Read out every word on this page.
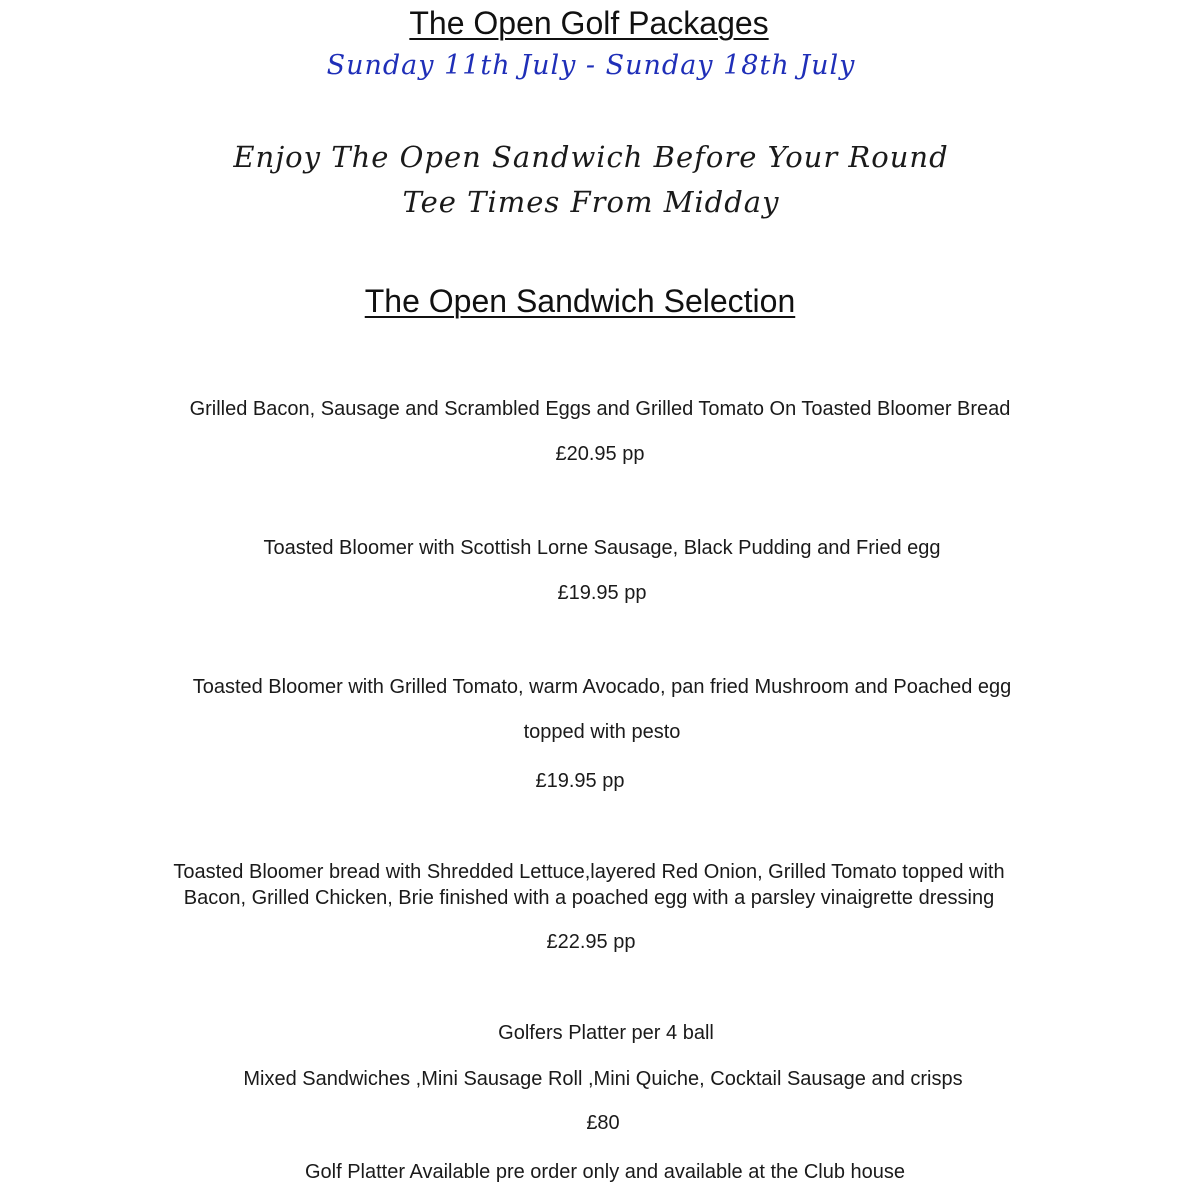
The Open Golf Packages
Sunday 11th July - Sunday 18th July
Enjoy The Open Sandwich Before Your Round
Tee Times From Midday
The Open Sandwich Selection
Grilled Bacon, Sausage and Scrambled Eggs and Grilled Tomato On Toasted Bloomer Bread
£20.95 pp
Toasted Bloomer with Scottish Lorne Sausage, Black Pudding and Fried egg
£19.95 pp
Toasted Bloomer with Grilled Tomato, warm Avocado, pan fried Mushroom and Poached egg
topped with pesto
£19.95 pp
Toasted Bloomer bread with Shredded Lettuce,layered Red Onion, Grilled Tomato topped with
Bacon, Grilled Chicken, Brie finished with a poached egg with a parsley vinaigrette dressing
£22.95 pp
Golfers Platter per 4 ball
Mixed Sandwiches ,Mini Sausage Roll ,Mini Quiche, Cocktail Sausage and crisps
£80
Golf Platter Available pre order only and available at the Club house
